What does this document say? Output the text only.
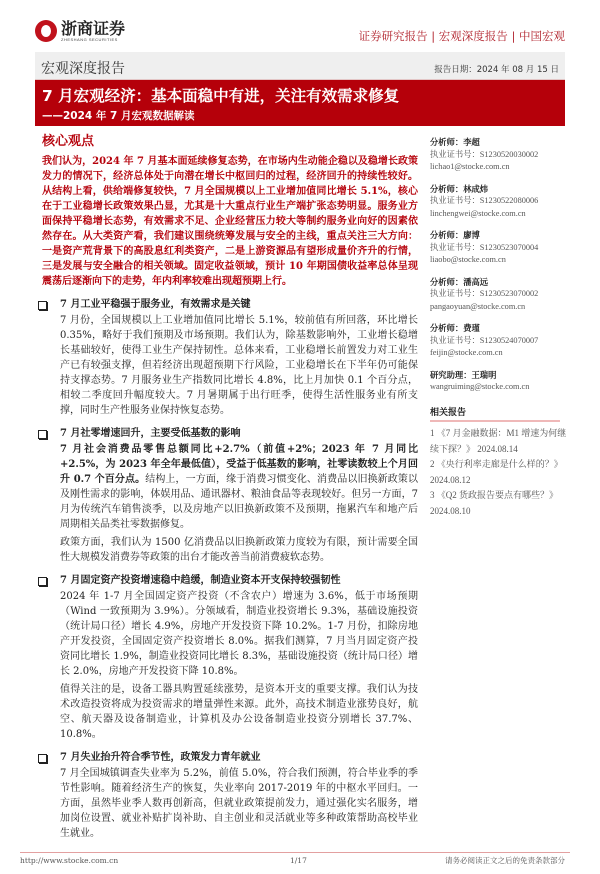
浙商证券
ZHESHANG SECURITIES	证券研究报告 | 宏观深度报告 | 中国宏观
宏观深度报告	报告日期：2024 年 08 月 15 日
7 月宏观经济：基本面稳中有进，关注有效需求修复
——2024 年 7 月宏观数据解读
核心观点
我们认为，2024 年 7 月基本面延续修复态势，在市场内生动能企稳以及稳增长政策发力的情况下，经济总体处于向潜在增长中枢回归的过程，经济回升的持续性较好。从结构上看，供给端修复较快，7 月全国规模以上工业增加值同比增长 5.1%，核心在于工业稳增长政策效果凸显，尤其是十大重点行业生产端扩张态势明显。服务业方面保持平稳增长态势，有效需求不足、企业经营压力较大等制约服务业向好的因素依然存在。从大类资产看，我们建议围绕统筹发展与安全的主线，重点关注三大方向：一是资产荒背景下的高股息红利类资产，二是上游资源品有望形成量价齐升的行情，三是发展与安全融合的相关领域。固定收益领域，预计 10 年期国债收益率总体呈现震荡后逐渐向下的走势，年内利率较难出现超预期上行。
7 月工业平稳强于服务业，有效需求是关键
7 月份，全国规模以上工业增加值同比增长 5.1%，较前值有所回落，环比增长 0.35%，略好于我们预期及市场预期。我们认为，除基数影响外，工业增长稳增长基础较好，使得工业生产保持韧性。总体来看，工业稳增长前置发力对工业生产已有较强支撑，但若经济出现超预期下行风险，工业稳增长在下半年仍可能保持支撑态势。7 月服务业生产指数同比增长 4.8%，比上月加快 0.1 个百分点，相较二季度回升幅度较大。7 月暑期属于出行旺季，使得生活性服务业有所支撑，同时生产性服务业保持恢复态势。
7 月社零增速回升，主要受低基数的影响
7 月社会消费品零售总额同比+2.7%（前值+2%；2023 年 7 月同比+2.5%，为 2023 年全年最低值），受益于低基数的影响，社零读数较上个月回升 0.7 个百分点。结构上，一方面，缘于消费习惯变化、消费品以旧换新政策以及刚性需求的影响，体娱用品、通讯器材、粮油食品等表现较好。但另一方面，7 月为传统汽车销售淡季，以及房地产以旧换新政策不及预期，拖累汽车和地产后周期相关品类社零数据修复。
政策方面，我们认为 1500 亿消费品以旧换新政策力度较为有限，预计需要全国性大规模发消费券等政策的出台才能改善当前消费疲软态势。
7 月固定资产投资增速稳中趋缓，制造业资本开支保持较强韧性
2024 年 1-7 月全国固定资产投资（不含农户）增速为 3.6%，低于市场预期（Wind 一致预期为 3.9%）。分领域看，制造业投资增长 9.3%，基础设施投资（统计局口径）增长 4.9%，房地产开发投资下降 10.2%。1-7 月份，扣除房地产开发投资，全国固定资产投资增长 8.0%。据我们测算，7 月当月固定资产投资同比增长 1.9%，制造业投资同比增长 8.3%，基础设施投资（统计局口径）增长 2.0%，房地产开发投资下降 10.8%。
值得关注的是，设备工器具购置延续涨势，是资本开支的重要支撑。我们认为技术改造投资将成为投资需求的增量弹性来源。此外，高技术制造业涨势良好，航空、航天器及设备制造业，计算机及办公设备制造业投资分别增长 37.7%、10.8%。
7 月失业抬升符合季节性，政策发力青年就业
7 月全国城镇调查失业率为 5.2%，前值 5.0%，符合我们预测，符合毕业季的季节性影响。随着经济生产的恢复，失业率向 2017-2019 年的中枢水平回归。一方面，虽然毕业季人数再创新高，但就业政策提前发力，通过强化实名服务，增加岗位设置、就业补贴扩岗补助、自主创业和灵活就业等多种政策帮助高校毕业生就业。
分析师：李超
执业证书号：S1230520030002
lichao1@stocke.com.cn
分析师：林成炜
执业证书号：S1230522080006
linchengwei@stocke.com.cn
分析师：廖博
执业证书号：S1230523070004
liaobo@stocke.com.cn
分析师：潘高远
执业证书号：S1230523070002
pangaoyuan@stocke.com.cn
分析师：费瑾
执业证书号：S1230524070007
feijin@stocke.com.cn
研究助理：王瑞明
wangruiming@stocke.com.cn
相关报告
1 《7 月金融数据：M1 增速为何继续下探？》 2024.08.14
2 《央行利率走廊是什么样的？》 2024.08.12
3 《Q2 货政报告要点有哪些？》 2024.08.10
http://www.stocke.com.cn	1/17	请务必阅读正文之后的免责条款部分
